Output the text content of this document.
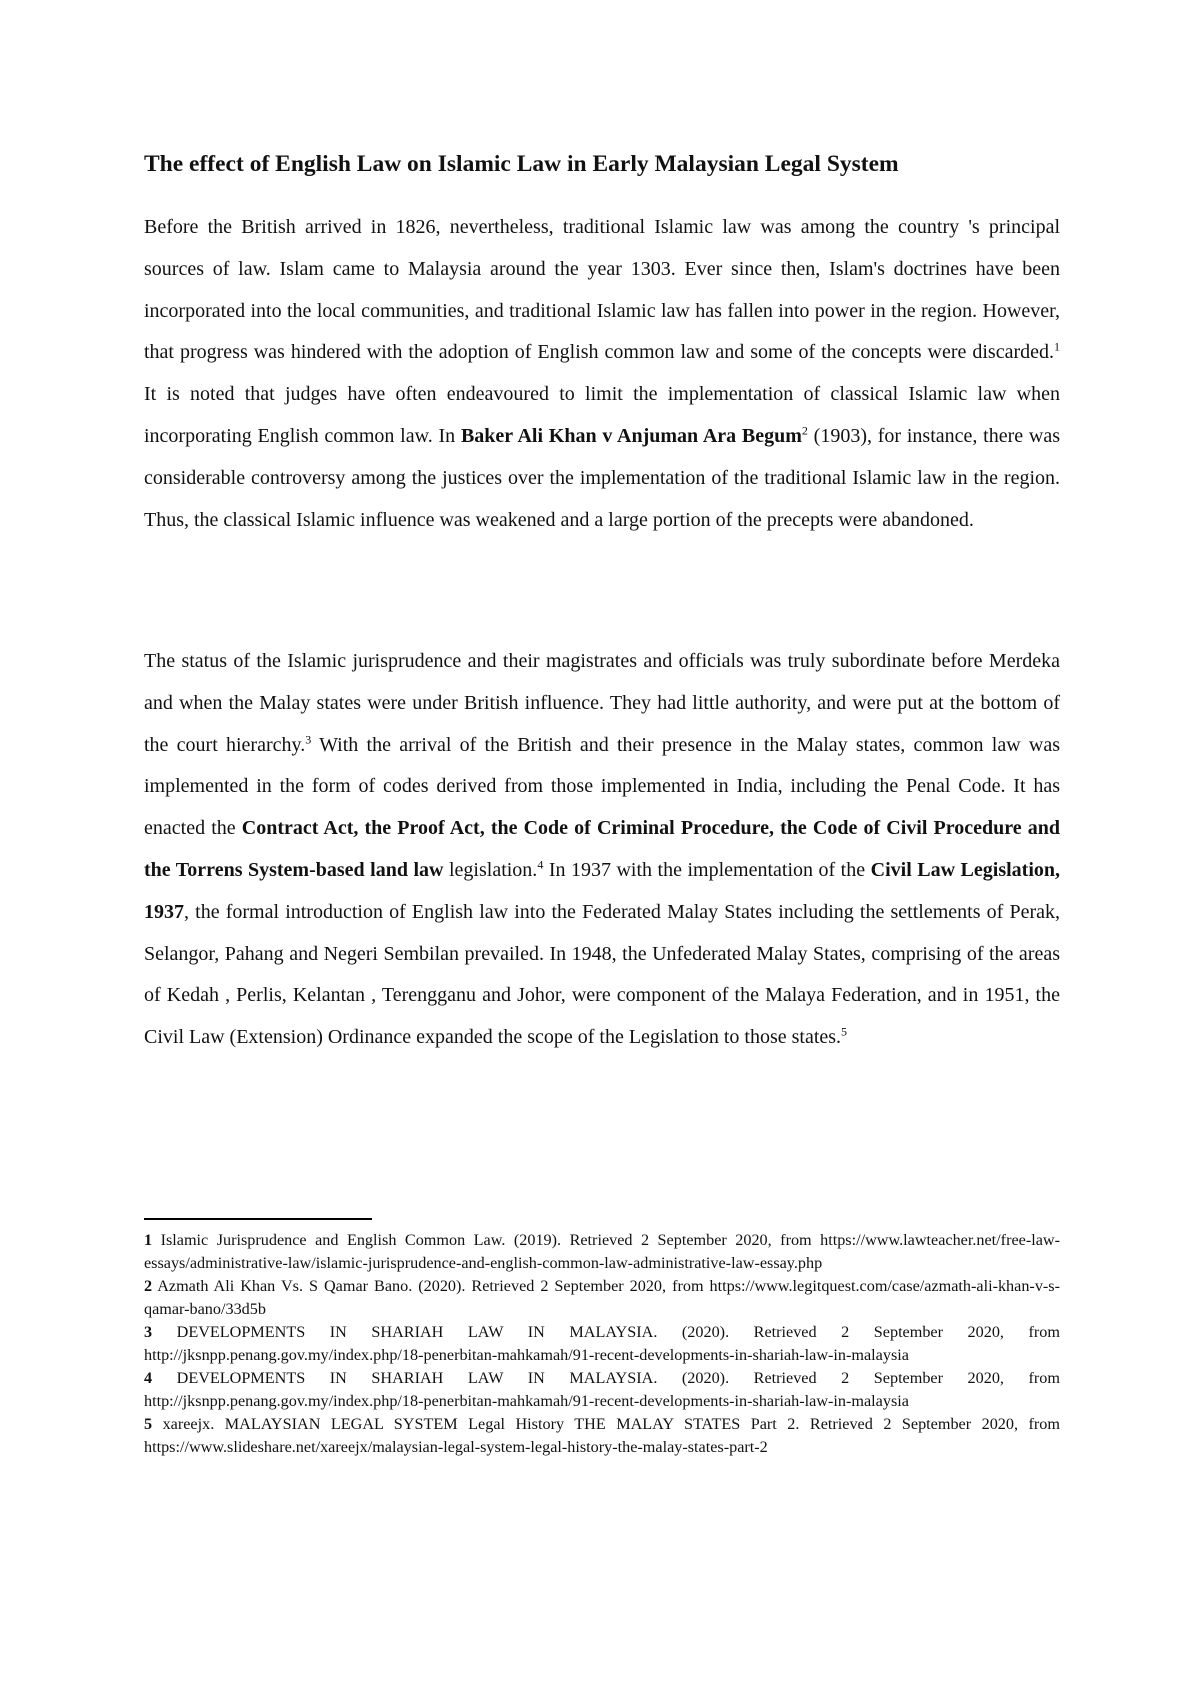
The effect of English Law on Islamic Law in Early Malaysian Legal System

Before the British arrived in 1826, nevertheless, traditional Islamic law was among the country 's principal sources of law. Islam came to Malaysia around the year 1303. Ever since then, Islam's doctrines have been incorporated into the local communities, and traditional Islamic law has fallen into power in the region. However, that progress was hindered with the adoption of English common law and some of the concepts were discarded.$^1$ It is noted that judges have often endeavoured to limit the implementation of classical Islamic law when incorporating English common law. In Baker Ali Khan v Anjuman Ara Begum$^2$ (1903), for instance, there was considerable controversy among the justices over the implementation of the traditional Islamic law in the region. Thus, the classical Islamic influence was weakened and a large portion of the precepts were abandoned.

The status of the Islamic jurisprudence and their magistrates and officials was truly subordinate before Merdeka and when the Malay states were under British influence. They had little authority, and were put at the bottom of the court hierarchy.$^3$ With the arrival of the British and their presence in the Malay states, common law was implemented in the form of codes derived from those implemented in India, including the Penal Code. It has enacted the Contract Act, the Proof Act, the Code of Criminal Procedure, the Code of Civil Procedure and the Torrens System-based land law legislation.$^4$ In 1937 with the implementation of the Civil Law Legislation, 1937, the formal introduction of English law into the Federated Malay States including the settlements of Perak, Selangor, Pahang and Negeri Sembilan prevailed. In 1948, the Unfederated Malay States, comprising of the areas of Kedah , Perlis, Kelantan , Terengganu and Johor, were component of the Malaya Federation, and in 1951, the Civil Law (Extension) Ordinance expanded the scope of the Legislation to those states.$^5$

1 Islamic Jurisprudence and English Common Law. (2019). Retrieved 2 September 2020, from https://www.lawteacher.net/free-law-essays/administrative-law/islamic-jurisprudence-and-english-common-law-administrative-law-essay.php

2 Azmath Ali Khan Vs. S Qamar Bano. (2020). Retrieved 2 September 2020, from https://www.legitquest.com/case/azmath-ali-khan-v-s-qamar-bano/33d5b

3 DEVELOPMENTS IN SHARIAH LAW IN MALAYSIA. (2020). Retrieved 2 September 2020, from http://jksnpp.penang.gov.my/index.php/18-penerbitan-mahkamah/91-recent-developments-in-shariah-law-in-malaysia

4 DEVELOPMENTS IN SHARIAH LAW IN MALAYSIA. (2020). Retrieved 2 September 2020, from http://jksnpp.penang.gov.my/index.php/18-penerbitan-mahkamah/91-recent-developments-in-shariah-law-in-malaysia

5 xareejx. MALAYSIAN LEGAL SYSTEM Legal History THE MALAY STATES Part 2. Retrieved 2 September 2020, from https://www.slideshare.net/xareejx/malaysian-legal-system-legal-history-the-malay-states-part-2
